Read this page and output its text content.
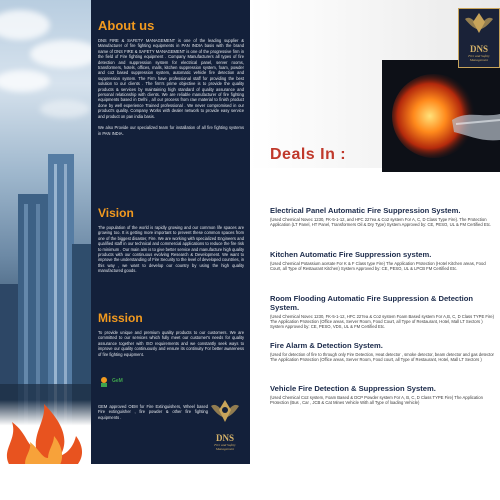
About us

DNS FIRE & SAFETY MANAGEMENT is one of the leading supplier & Manufacturer of fire fighting equipments in PAN INDIA basis with the brand name of DNS FIRE & SAFETY MANAGEMENT is one of the progressive firm in the field of Fire fighting equipment . Company Manufacturers all types of fire detection and suppression system for electrical panel, server rooms, transformers, hotels, offices, malls, kitchen suppression system, foam, powder and co2 based suppression system, automatic vehicle fire detection and suppression system. The Firm have professional staff for providing the best solution to our clients . The firm's prime objective is to provide the quality products & services by maintaining high standard of quality assurance and personal relationship with clients. We are reliable manufacturer of fire fighting equipments based in Delhi , all our process from raw material to finish product done by well experience Trained professional . We never compromised in our product's quality. Company Works with dealer network to provide easy service and product on pan india basis.

We also Provide our specialized team for installation of all fire fighting systems in PAN INDIA.

Vision

The population of the world is rapidly growing and our common life spaces are growing too. It is getting more important to prevent these common spaces from one of the biggest disaster, Fire. We are working with specialized Engineers and qualified staff in our technical and commercial applications to reduce the fire risk to minimum . Our main aim is to give better service and manufacture high quality products with our continuous evolving Research & Development. We want to improve the understanding of Fire Security to the level of developed countries, in this way , we want to develop our country by using the high quality manufactured goods.

Mission

To provide unique and premium quality products to our customers. We are committed to our services which fully meet our customer's needs for quality assurance together with ISO requirements and we constantly seek ways to improve our quality continuously and ensure its continuity For better awareness of fire fighting equipment.

GeM

GEM approved OEM for Fire Extinguishers, Wheel based Fire extinguisher , fire powder & other fire fighting equipments .

DNS
Fire and Safety Management
DNS
Fire and Safety Management
Deals In :

Electrical Panel Automatic Fire Suppression System.

(Used Chemical Novec 1230, FK-5-1-12, and HFC 227ea & Co2 system For A, C, D Class Type Fire). The Protection Application (LT Panel, HT Panel, Transformers Oil & Dry Type) System Approved by: CE, PESO, UL & FM Certified Etc.

Kitchen Automatic Fire Suppression system.

(Used Chemical Potassium acetate For K & F Class type Fire) The Application Protection (Hotel Kitchen areas, Food Court, all Type of Restaurant Kitchen) System Approved by: CE, PESO, UL & LPCB FM Certified Etc.

Room Flooding Automatic Fire Suppression & Detection System.

(Used Chemical Novec 1230, FK-5-1-12, HFC 227ea & Co2 system Foam Based system For A,B, C, D Class TYPE Fire) The Application Protection (Office areas, Server Room, Food Court, all Type of Restaurant, Hotel, Mall LT Sectors ) System Approved by: CE, PESO, VDS, UL & FM Certified Etc.

Fire Alarm & Detection System.

(Used for detection of fire to through only Fire Detection, Heat detector , smoke detector, beam detector and gas detector The Application Protection (Office areas, Server Room, Food court, all Type of Restaurant, Hotel, Mall LT Sectors )

Vehicle Fire Detection & Suppression System.

(Used Chemical Co2 system, Foam Based & DCP Powder system For A, B, C, D Class TYPE Fire) The Application Protection (Bus , Car , JCB & Cat Mines Vehicle With all Type of loading Vehicle)
